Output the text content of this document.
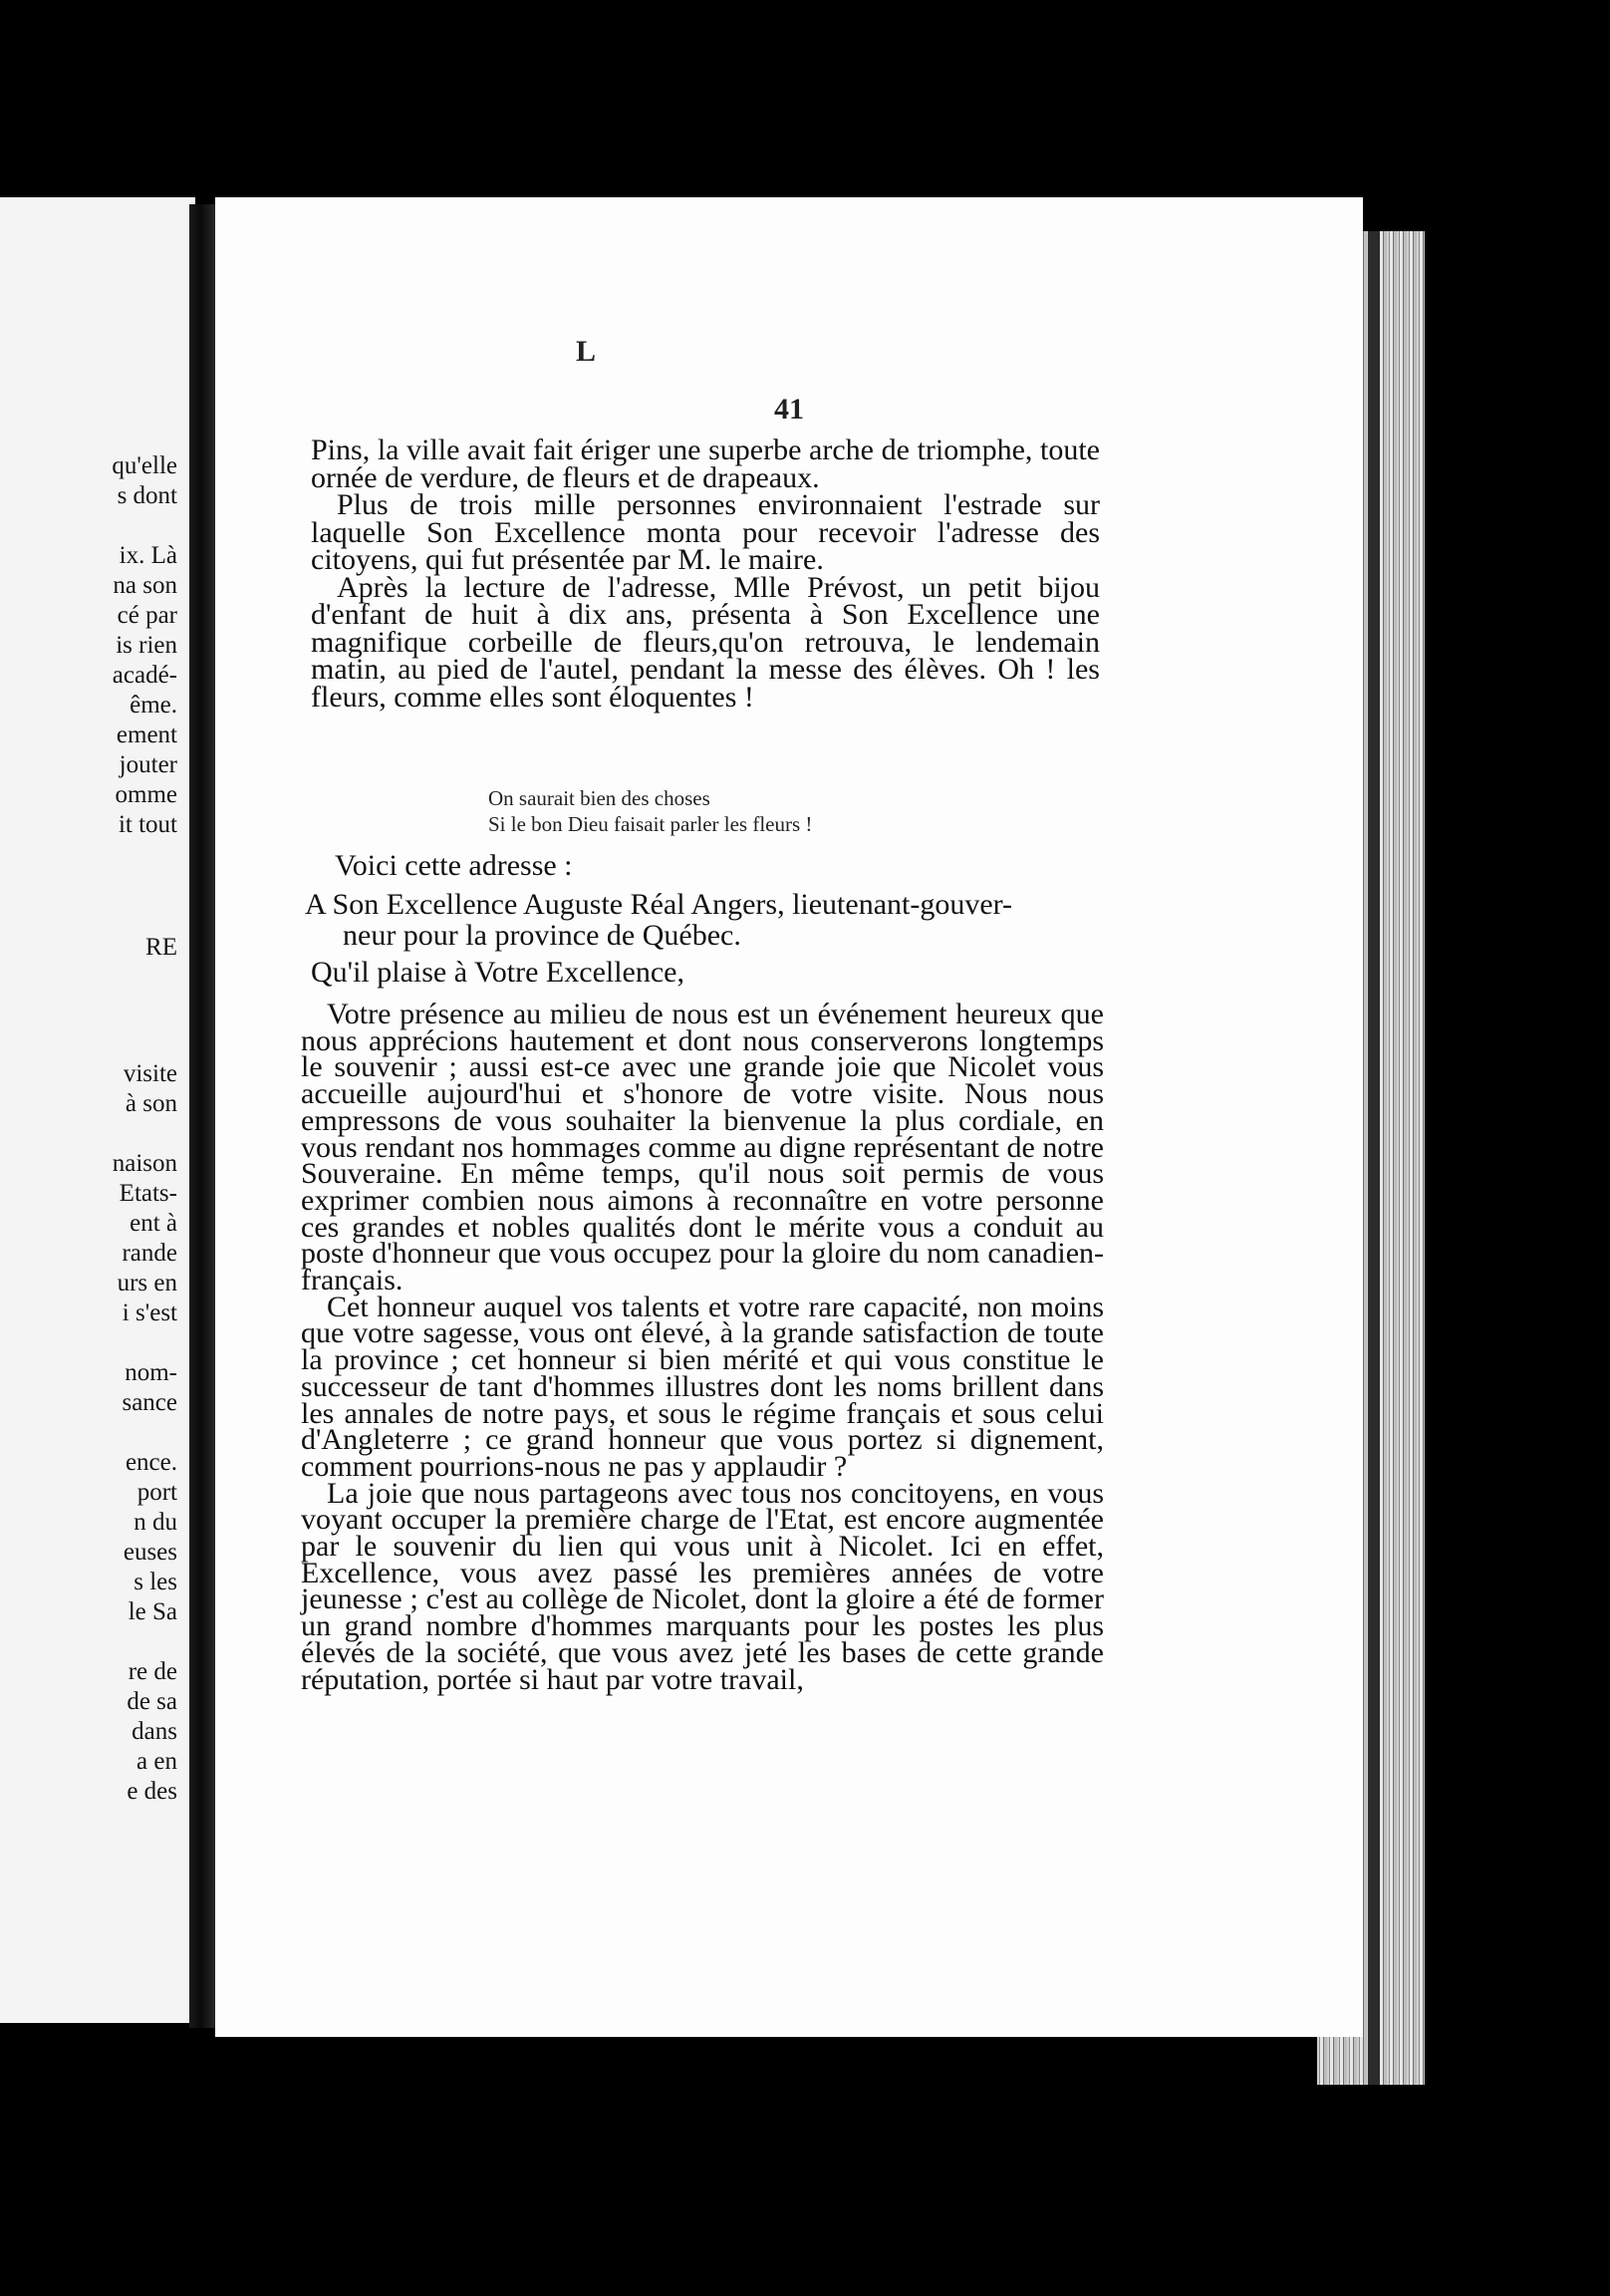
qu'elle
s dont
ix. Là
na son
cé par
is rien
acadé-
ême.
ement
jouter
omme
it tout
RE
visite
à son
naison
Etats-
ent à
rande
urs en
i s'est
nom-
sance
ence.
port
n du
euses
s les
le Sa
re de
de sa
dans
a en
e des
L
41

Pins, la ville avait fait ériger une superbe arche de triomphe, toute ornée de verdure, de fleurs et de drapeaux.

Plus de trois mille personnes environnaient l'estrade sur laquelle Son Excellence monta pour recevoir l'adresse des citoyens, qui fut présentée par M. le maire.

Après la lecture de l'adresse, Mlle Prévost, un petit bijou d'enfant de huit à dix ans, présenta à Son Excellence une magnifique corbeille de fleurs,qu'on retrouva, le lendemain matin, au pied de l'autel, pendant la messe des élèves. Oh ! les fleurs, comme elles sont éloquentes !

On saurait bien des choses
Si le bon Dieu faisait parler les fleurs !
Voici cette adresse :
A Son Excellence Auguste Réal Angers, lieutenant-gouver-
neur pour la province de Québec.
Qu'il plaise à Votre Excellence,

Votre présence au milieu de nous est un événement heureux que nous apprécions hautement et dont nous conserverons longtemps le souvenir ; aussi est-ce avec une grande joie que Nicolet vous accueille aujourd'hui et s'honore de votre visite. Nous nous empressons de vous souhaiter la bienvenue la plus cordiale, en vous rendant nos hommages comme au digne représentant de notre Souveraine. En même temps, qu'il nous soit permis de vous exprimer combien nous aimons à reconnaître en votre personne ces grandes et nobles qualités dont le mérite vous a conduit au poste d'honneur que vous occupez pour la gloire du nom canadien-français.

Cet honneur auquel vos talents et votre rare capacité, non moins que votre sagesse, vous ont élevé, à la grande satisfaction de toute la province ; cet honneur si bien mérité et qui vous constitue le successeur de tant d'hommes illustres dont les noms brillent dans les annales de notre pays, et sous le régime français et sous celui d'Angleterre ; ce grand honneur que vous portez si dignement, comment pourrions-nous ne pas y applaudir ?

La joie que nous partageons avec tous nos concitoyens, en vous voyant occuper la première charge de l'Etat, est encore augmentée par le souvenir du lien qui vous unit à Nicolet. Ici en effet, Excellence, vous avez passé les premières années de votre jeunesse ; c'est au collège de Nicolet, dont la gloire a été de former un grand nombre d'hommes marquants pour les postes les plus élevés de la société, que vous avez jeté les bases de cette grande réputation, portée si haut par votre travail,
